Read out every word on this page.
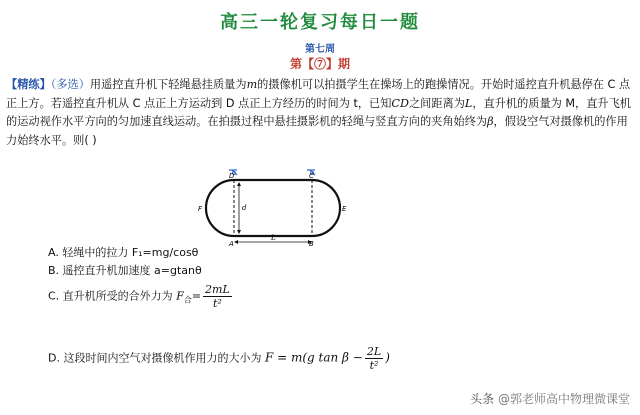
高三一轮复习每日一题
第七周
第【⑦】期
【精练】（多选）用遥控直升机下轻绳悬挂质量为m的摄像机可以拍摄学生在操场上的跑操情况。开始时遥控直升机悬停在 C 点正上方。若遥控直升机从 C 点正上方运动到 D 点正上方经历的时间为 t，已知CD之间距离为L，直升机的质量为 M，直升飞机的运动视作水平方向的匀加速直线运动。在拍摄过程中悬挂摄影机的轻绳与竖直方向的夹角始终为β，假设空气对摄像机的作用力始终水平。则( )
D	C
F	E
A	B
d
L
A. 轻绳中的拉力 F₁=mg/cosθ
B. 遥控直升机加速度 a=gtanθ
C. 直升机所受的合外力为 $F_合= \frac{2mL}{\text{t²}}$
D. 这段时间内空气对摄像机作用力的大小为 F = m(g $\tan \beta - \frac{2L}{\text{t²}}$ )
头条 @郭老师高中物理微课堂
